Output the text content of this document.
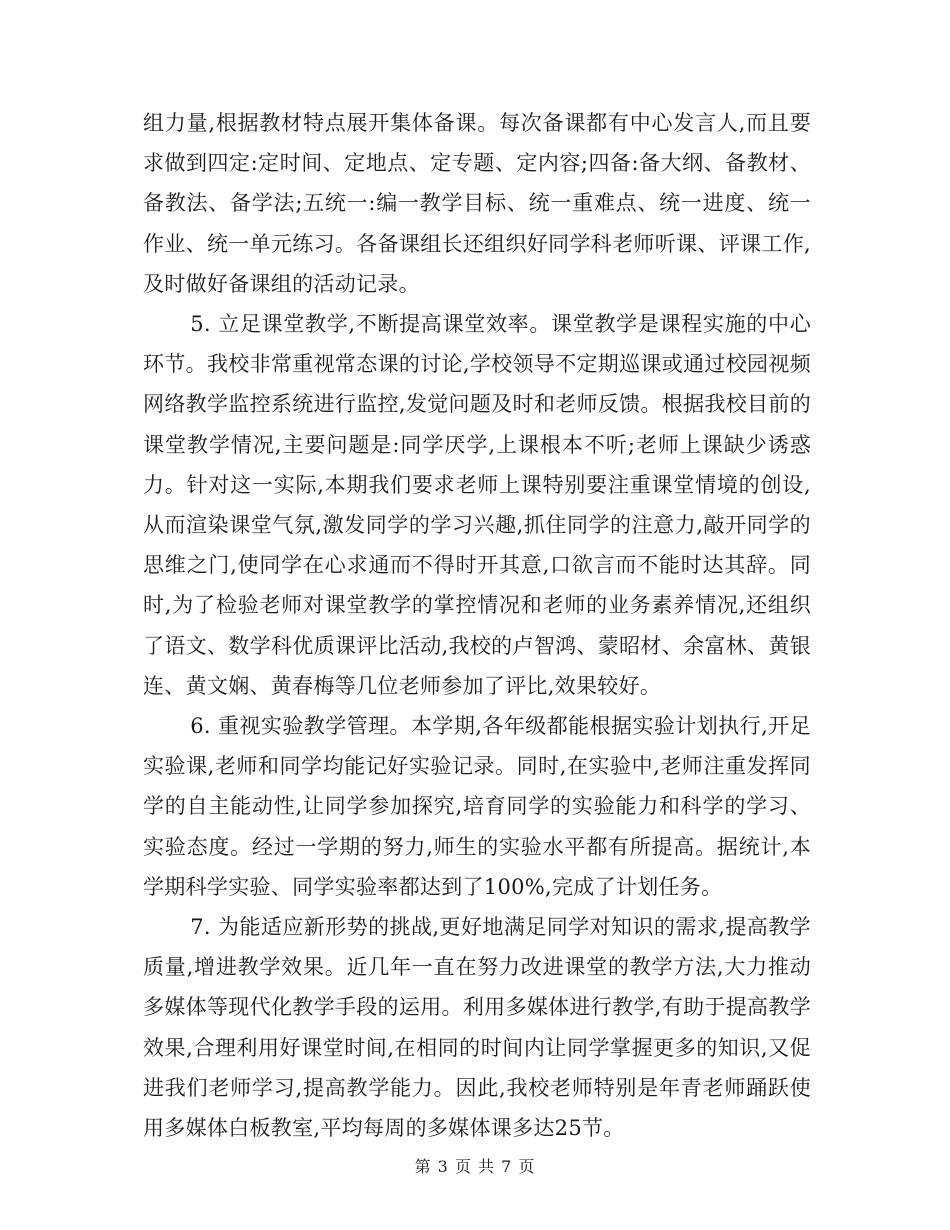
组力量,根据教材特点展开集体备课。每次备课都有中心发言人,而且要求做到四定:定时间、定地点、定专题、定内容;四备:备大纲、备教材、备教法、备学法;五统一:编一教学目标、统一重难点、统一进度、统一作业、统一单元练习。各备课组长还组织好同学科老师听课、评课工作,及时做好备课组的活动记录。

5. 立足课堂教学,不断提高课堂效率。课堂教学是课程实施的中心环节。我校非常重视常态课的讨论,学校领导不定期巡课或通过校园视频网络教学监控系统进行监控,发觉问题及时和老师反馈。根据我校目前的课堂教学情况,主要问题是:同学厌学,上课根本不听;老师上课缺少诱惑力。针对这一实际,本期我们要求老师上课特别要注重课堂情境的创设,从而渲染课堂气氛,激发同学的学习兴趣,抓住同学的注意力,敲开同学的思维之门,使同学在心求通而不得时开其意,口欲言而不能时达其辞。同时,为了检验老师对课堂教学的掌控情况和老师的业务素养情况,还组织了语文、数学科优质课评比活动,我校的卢智鸿、蒙昭材、余富林、黄银连、黄文娴、黄春梅等几位老师参加了评比,效果较好。

6. 重视实验教学管理。本学期,各年级都能根据实验计划执行,开足实验课,老师和同学均能记好实验记录。同时,在实验中,老师注重发挥同学的自主能动性,让同学参加探究,培育同学的实验能力和科学的学习、实验态度。经过一学期的努力,师生的实验水平都有所提高。据统计,本学期科学实验、同学实验率都达到了100%,完成了计划任务。

7. 为能适应新形势的挑战,更好地满足同学对知识的需求,提高教学质量,增进教学效果。近几年一直在努力改进课堂的教学方法,大力推动多媒体等现代化教学手段的运用。利用多媒体进行教学,有助于提高教学效果,合理利用好课堂时间,在相同的时间内让同学掌握更多的知识,又促进我们老师学习,提高教学能力。因此,我校老师特别是年青老师踊跃使用多媒体白板教室,平均每周的多媒体课多达25节。

第 3 页 共 7 页
